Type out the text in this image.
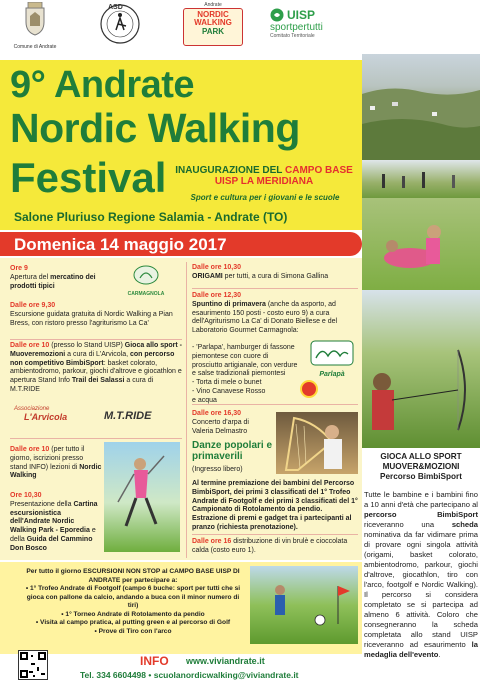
Comune di Andrate
ASD	Andrate
NORDIC
WALKING
PARK
UISP
sportpertutti
Comitato Territoriale
9° Andrate
Nordic Walking
Festival INAUGURAZIONE DEL CAMPO BASE
UISP LA MERIDIANA
Sport e cultura per i giovani e le scuole
Salone Pluriuso Regione Salamia - Andrate (TO)
Domenica 14 maggio 2017
GIOCA ALLO SPORT
MUOVER&MOZIONI
Percorso BimbiSport
Tutte le bambine e i bambini fino a 10 anni d'età che partecipano al percorso BimbiSport riceveranno una scheda nominativa da far vidimare prima di provare ogni singola attività (origami, basket colorato, ambientodromo, parkour, giochi d'altrove, giocathlon, tiro con l'arco, footgolf e Nordic Walking). Il percorso si considera completato se si partecipa ad almeno 6 attività. Coloro che consegneranno la scheda completata allo stand UISP riceveranno ad esaurimento la medaglia dell'evento.
Ore 9
Apertura del mercatino dei prodotti tipici
CARMAGNOLA
Dalle ore 9,30
Escursione guidata gratuita di Nordic Walking a Pian Bress, con ristoro presso l'agriturismo La Ca'
Dalle ore 10 (presso lo Stand UISP) Gioca allo sport - Muoveremozioni a cura di L'Arvicola, con percorso non competitivo BimbiSport: basket colorato, ambientodromo, parkour, giochi d'altrove e giocathlon e apertura Stand Info Trail dei Salassi a cura di M.T.RIDE
Associazione
L'Arvicola	M.T.RIDE
Dalle ore 10 (per tutto il giorno, iscrizioni presso stand INFO) lezioni di Nordic Walking
Ore 10,30
Presentazione della Cartina escursionistica dell'Andrate Nordic Walking Park - Eporedia e della Guida del Cammino Don Bosco
Dalle ore 10,30
ORIGAMI per tutti, a cura di Simona Gallina
Dalle ore 12,30
Spuntino di primavera (anche da asporto, ad esaurimento 150 posti - costo euro 9) a cura dell'Agriturismo La Ca' di Donato Biellese e del Laboratorio Gourmet Carmagnola:
- 'Parlapa', hamburger di fassone piemontese con cuore di prosciutto artigianale, con verdure e salse tradizionali piemontesi
- Torta di mele o bunet
- Vino Canavese Rosso
e acqua
Parlapà
Dalle ore 16,30
Concerto d'arpa di Valeria Delmastro
Danze popolari e primaverili
(Ingresso libero)
Al termine premiazione dei bambini del Percorso BimbiSport, dei primi 3 classificati del 1° Trofeo Andrate di Footgolf e dei primi 3 classificati del 1° Campionato di Rotolamento da pendio. Estrazione di premi e gadget tra i partecipanti al pranzo (richiesta prenotazione).
Dalle ore 16 distribuzione di vin brulè e cioccolata calda (costo euro 1).
Per tutto il giorno ESCURSIONI NON STOP al CAMPO BASE UISP DI ANDRATE per partecipare a:
• 1° Trofeo Andrate di Footgolf (campo 6 buche: sport per tutti che si gioca con pallone da calcio, andando a buca con il minor numero di tiri)
• 1° Torneo Andrate di Rotolamento da pendio
• Visita al campo pratica, al putting green e al percorso di Golf
• Prove di Tiro con l'arco
INFO www.viviandrate.it
Tel. 334 6604498 • scuolanordicwalking@viviandrate.it
